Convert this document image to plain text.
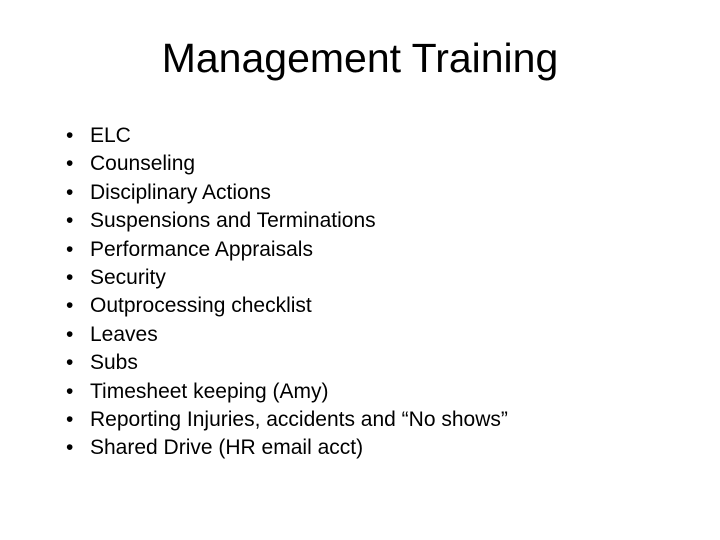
Management Training
• ELC
• Counseling
• Disciplinary Actions
• Suspensions and Terminations
• Performance Appraisals
• Security
• Outprocessing checklist
• Leaves
• Subs
• Timesheet keeping (Amy)
• Reporting Injuries, accidents and “No shows”
• Shared Drive (HR email acct)
